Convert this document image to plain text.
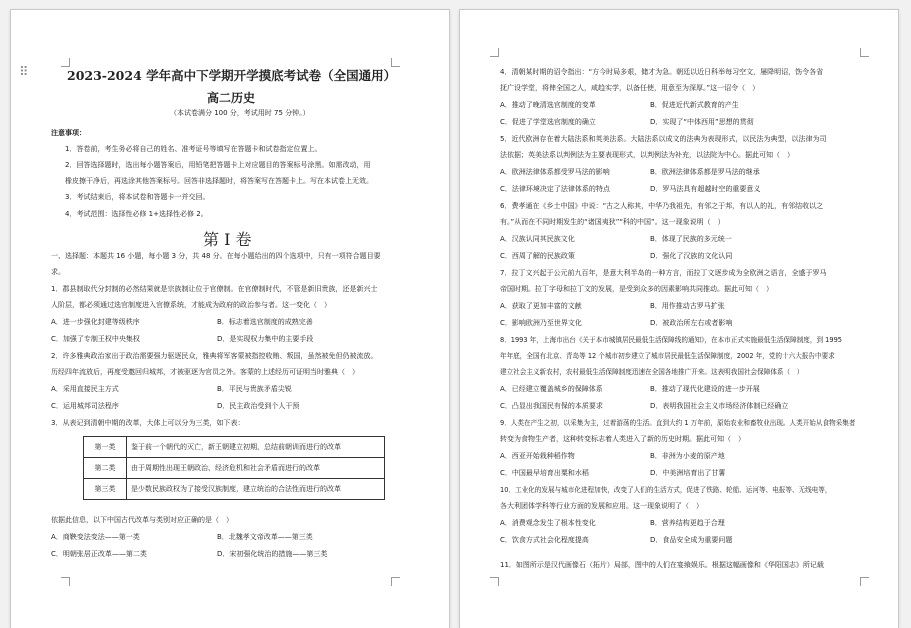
⠿	2023-2024 学年高中下学期开学摸底考试卷（全国通用）
高二历史
（本试卷满分 100 分，考试用时 75 分钟。）
注意事项：
1．答卷前，考生务必将自己的姓名、准考证号等填写在答题卡和试卷指定位置上。
2．回答选择题时，选出每小题答案后，用铅笔把答题卡上对应题目的答案标号涂黑。如需改动，用
橡皮擦干净后，再选涂其他答案标号。回答非选择题时，将答案写在答题卡上。写在本试卷上无效。
3．考试结束后，将本试卷和答题卡一并交回。
4．考试范围：选择性必修 1+选择性必修 2。
第 I 卷
一、选择题：本题共 16 小题，每小题 3 分，共 48 分。在每小题给出的四个选项中，只有一项符合题目要
求。
1．郡县制取代分封制的必然结果就是宗族制让位于官僚制。在官僚制时代，不管是新旧贵族，还是新兴士
人阶层，都必须通过选官制度进入官僚系统，才能成为政府的政治参与者。这一变化（　）
A．进一步强化封建等级秩序	B．标志着选官制度的成熟完善
C．加强了专制王权中央集权	D．是实现权力集中的主要手段
2．许多雅典政治家出于政治需要强力驱逐民众，雅典将军客蒙被指控收贿、叛国，虽然被免但仍被流放。
历经四年流放后，再度受邀回归城邦，才被驱逐为官员之外。客蒙的上述经历可证明当时雅典（　）
A．采用直接民主方式	B．平民与贵族矛盾尖锐
C．运用城邦司法程序	D．民主政治受到个人干预
3．从表记到清朝中期的改革，大体上可以分为三类，如下表：
第一类	鉴于前一个朝代的灭亡，新王朝建立初期，总结前朝训而进行的改革
第二类	由于周期性出现王朝政治、经济危机和社会矛盾而进行的改革
第三类	是少数民族政权为了接受汉族制度，建立统治的合法性而进行的改革
依据此信息，以下中国古代改革与类别对应正确的是（　）
A．商鞅变法变法——第一类	B．北魏孝文帝改革——第三类
C．明朝张居正改革——第二类	D．宋初强化统治的措施——第三类
4．清朝某时期的诏令指出：“方今时局多艰，储才为急。朝廷以近日科举每习空文，屡降明诏，饬令各省
抚广设学堂，将俾全国之人，咸趋实学，以备任使，用意至为深厚。”这一诏令（　）
A．推动了晚清选官制度的变革	B．促进近代新式教育的产生
C．促进了学堂选官制度的确立	D．实现了“中体西用”思想的贯彻
5．近代欧洲存在着大陆法系和英美法系。大陆法系以成文的法典为表现形式，以民法为典型，以法律为司
法依据；英美法系以判例法为主要表现形式，以判例法为补充，以法院为中心。据此可知（　）
A．欧洲法律体系都受罗马法的影响	B．欧洲法律体系都是罗马法的继承
C．法律环境决定了法律体系的特点	D．罗马法具有超越时空的重要意义
6．费孝通在《乡土中国》中说：“古之人称其，中华乃我祖先，有邻之于邦，有以人的礼，有邻结收以之
有。”从而在不同时期发生的“诸国夷狄”“科的中国”。这一现象说明（　）
A．汉族认同其民族文化	B．体现了民族的多元统一
C．西周了解的民族政策	D．强化了汉族的文化认同
7．拉丁文兴起于公元前九百年，是意大利半岛的一种方言，而拉丁文逐步成为全欧洲之语言，全盛于罗马
帝国时期。拉丁字母和拉丁文的发展，是受到众多的因素影响共同推动。据此可知（　）
A．获取了更加丰富的文献	B．用作推动古罗马扩张
C．影响欧洲乃至世界文化	D．被政治所左右或者影响
8．1993 年，上海市出台《关于本市城镇居民最低生活保障线的通知》，在本市正式实施最低生活保障制度，到 1995
年年底，全国有北京、青岛等 12 个城市初步建立了城市居民最低生活保障制度，2002 年，党的十六大报告中要求
建立社会主义新农村，农村最低生活保障制度迅速在全国各地推广开来。这表明我国社会保障体系（　）
A．已经建立覆盖城乡的保障体系	B．推动了现代化建设的进一步开展
C．凸显出我国民有保的本质要求	D．表明我国社会主义市场经济体制已经确立
9．人类在产生之初，以采集为主，过着游荡的生活。直到大约 1 万年前，原始农业和畜牧业出现。人类开始从食物采集者
转变为食物生产者，这种转变标志着人类进入了新的历史时期。据此可知（　）
A．西亚开始栽种稻作物	B．非洲为小麦的原产地
C．中国最早培育出粟和水稻	D．中美洲培育出了甘薯
10．工业化的发展与城市化进程加快，改变了人们的生活方式，促进了铁路、轮船、运河等、电报等、无线电等，
各大利团体学科等行业方面的发展和应用。这一现象说明了（　）
A．消费观念发生了根本性变化	B．营养结构更趋于合理
C．饮食方式社会化程度提高	D．食品安全成为重要问题
11．如图所示是汉代画像石（拓片）局部，图中的人们在宴飨娱乐。根据这幅画像和《华阳国志》所记载
